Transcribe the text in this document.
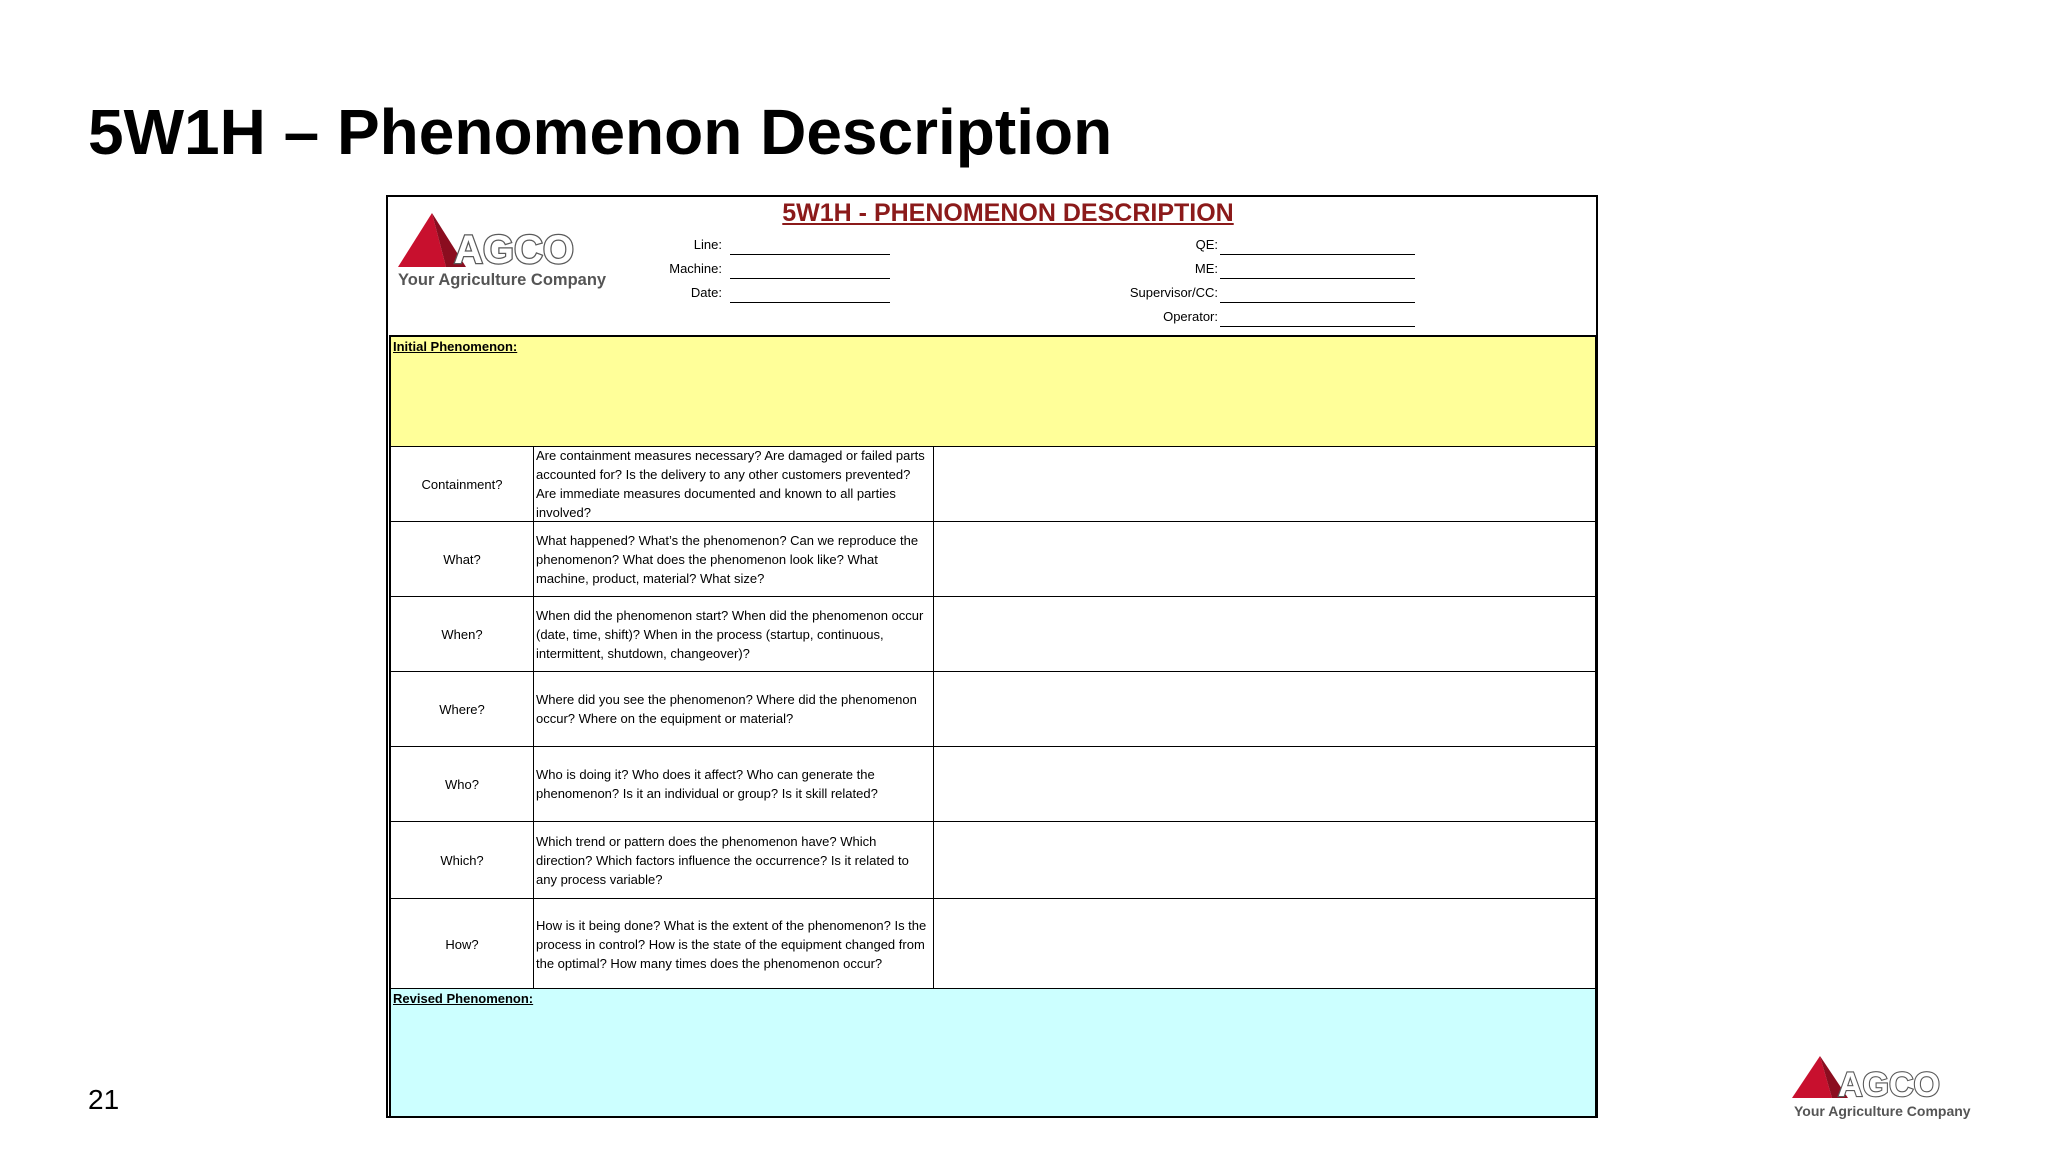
5W1H – Phenomenon Description
AGCO
Your Agriculture Company
5W1H - PHENOMENON DESCRIPTION
Line:
Machine:
Date:
QE:
ME:
Supervisor/CC:
Operator:
Initial Phenomenon:
Containment?
Are containment measures necessary? Are damaged or failed parts accounted for? Is the delivery to any other customers prevented? Are immediate measures documented and known to all parties involved?
What?
What happened? What’s the phenomenon? Can we reproduce the phenomenon? What does the phenomenon look like? What machine, product, material? What size?
When?
When did the phenomenon start? When did the phenomenon occur (date, time, shift)? When in the process (startup, continuous, intermittent, shutdown, changeover)?
Where?
Where did you see the phenomenon? Where did the phenomenon occur? Where on the equipment or material?
Who?
Who is doing it? Who does it affect? Who can generate the phenomenon? Is it an individual or group? Is it skill related?
Which?
Which trend or pattern does the phenomenon have? Which direction? Which factors influence the occurrence? Is it related to any process variable?
How?
How is it being done? What is the extent of the phenomenon? Is the process in control? How is the state of the equipment changed from the optimal? How many times does the phenomenon occur?
Revised Phenomenon:
21	AGCO
Your Agriculture Company
